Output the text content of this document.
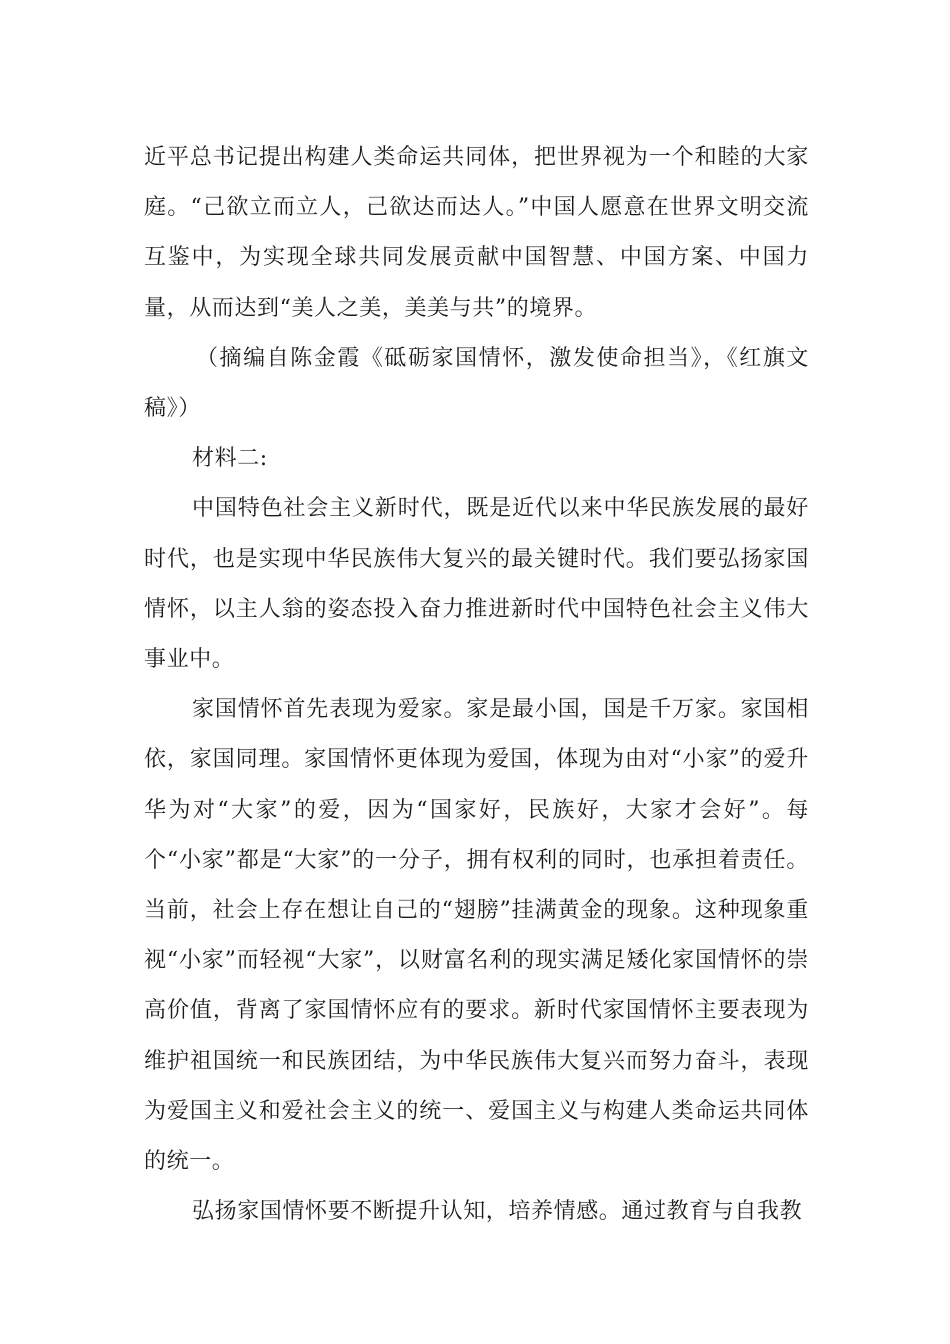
近平总书记提出构建人类命运共同体，把世界视为一个和睦的大家庭。“己欲立而立人，己欲达而达人。”中国人愿意在世界文明交流互鉴中，为实现全球共同发展贡献中国智慧、中国方案、中国力量，从而达到“美人之美，美美与共”的境界。

（摘编自陈金霞《砥砺家国情怀，激发使命担当》，《红旗文稿》）

材料二:

中国特色社会主义新时代，既是近代以来中华民族发展的最好时代，也是实现中华民族伟大复兴的最关键时代。我们要弘扬家国情怀，以主人翁的姿态投入奋力推进新时代中国特色社会主义伟大事业中。

家国情怀首先表现为爱家。家是最小国，国是千万家。家国相依，家国同理。家国情怀更体现为爱国，体现为由对“小家”的爱升华为对“大家”的爱，因为“国家好，民族好，大家才会好”。每个“小家”都是“大家”的一分子，拥有权利的同时，也承担着责任。当前，社会上存在想让自己的“翅膀”挂满黄金的现象。这种现象重视“小家”而轻视“大家”，以财富名利的现实满足矮化家国情怀的崇高价值，背离了家国情怀应有的要求。新时代家国情怀主要表现为维护祖国统一和民族团结，为中华民族伟大复兴而努力奋斗，表现为爱国主义和爱社会主义的统一、爱国主义与构建人类命运共同体的统一。

弘扬家国情怀要不断提升认知，培养情感。通过教育与自我教
